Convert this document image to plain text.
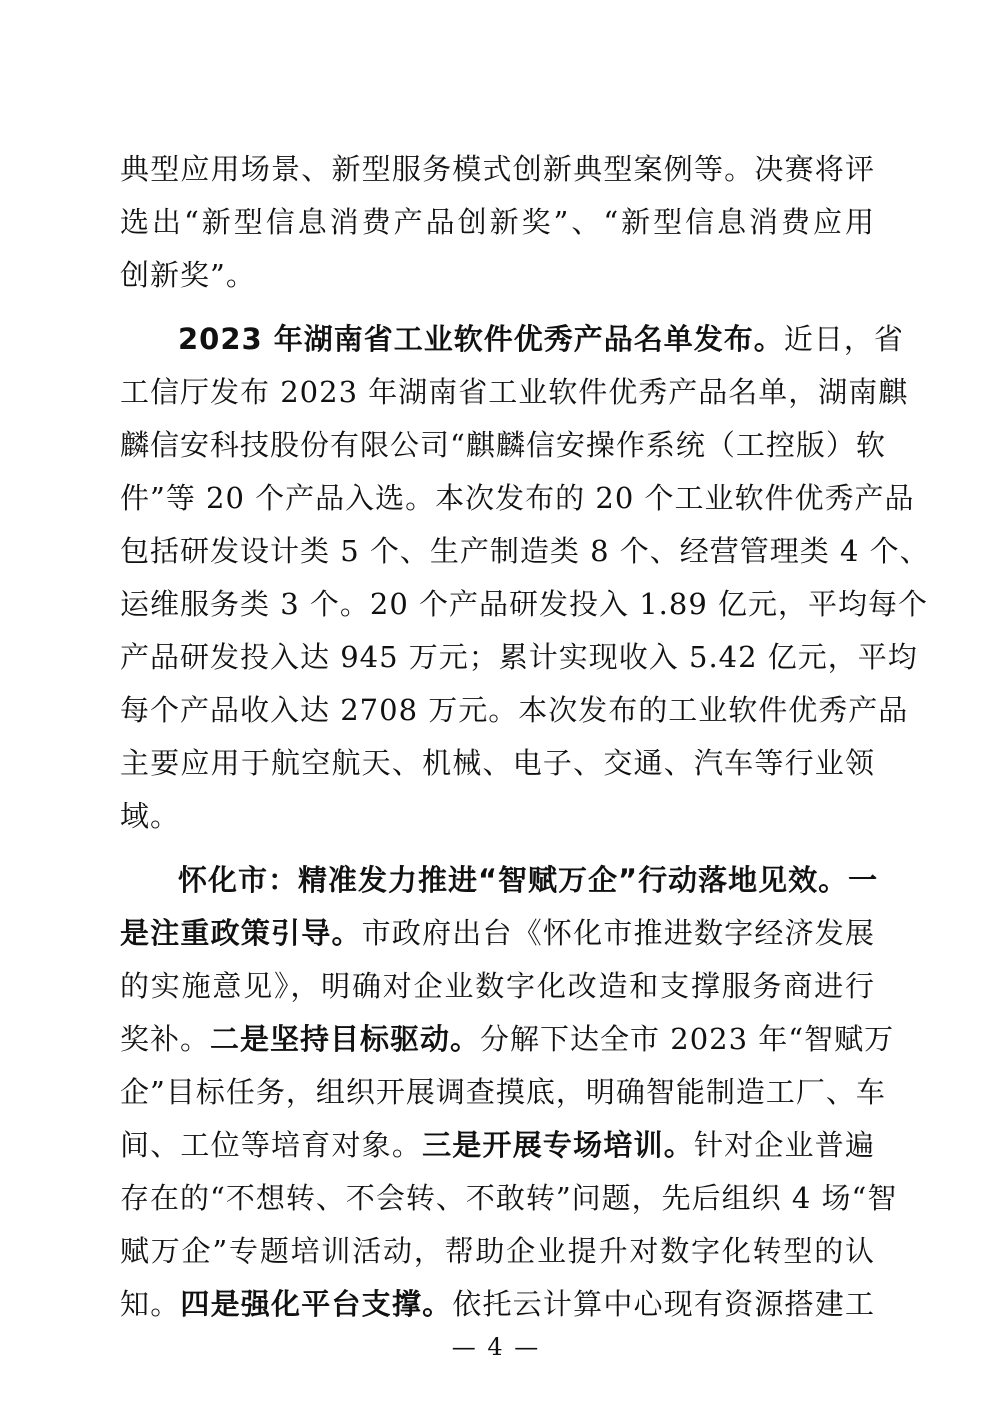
典型应用场景、新型服务模式创新典型案例等。决赛将评
选出“新型信息消费产品创新奖”、“新型信息消费应用
创新奖”。

2023 年湖南省工业软件优秀产品名单发布。近日，省
工信厅发布 2023 年湖南省工业软件优秀产品名单，湖南麒
麟信安科技股份有限公司“麒麟信安操作系统（工控版）软
件”等 20 个产品入选。本次发布的 20 个工业软件优秀产品
包括研发设计类 5 个、生产制造类 8 个、经营管理类 4 个、
运维服务类 3 个。20 个产品研发投入 1.89 亿元，平均每个
产品研发投入达 945 万元；累计实现收入 5.42 亿元，平均
每个产品收入达 2708 万元。本次发布的工业软件优秀产品
主要应用于航空航天、机械、电子、交通、汽车等行业领
域。

怀化市：精准发力推进“智赋万企”行动落地见效。一
是注重政策引导。市政府出台《怀化市推进数字经济发展
的实施意见》，明确对企业数字化改造和支撑服务商进行
奖补。二是坚持目标驱动。分解下达全市 2023 年“智赋万
企”目标任务，组织开展调查摸底，明确智能制造工厂、车
间、工位等培育对象。三是开展专场培训。针对企业普遍
存在的“不想转、不会转、不敢转”问题，先后组织 4 场“智
赋万企”专题培训活动，帮助企业提升对数字化转型的认
知。四是强化平台支撑。依托云计算中心现有资源搭建工

— 4 —
